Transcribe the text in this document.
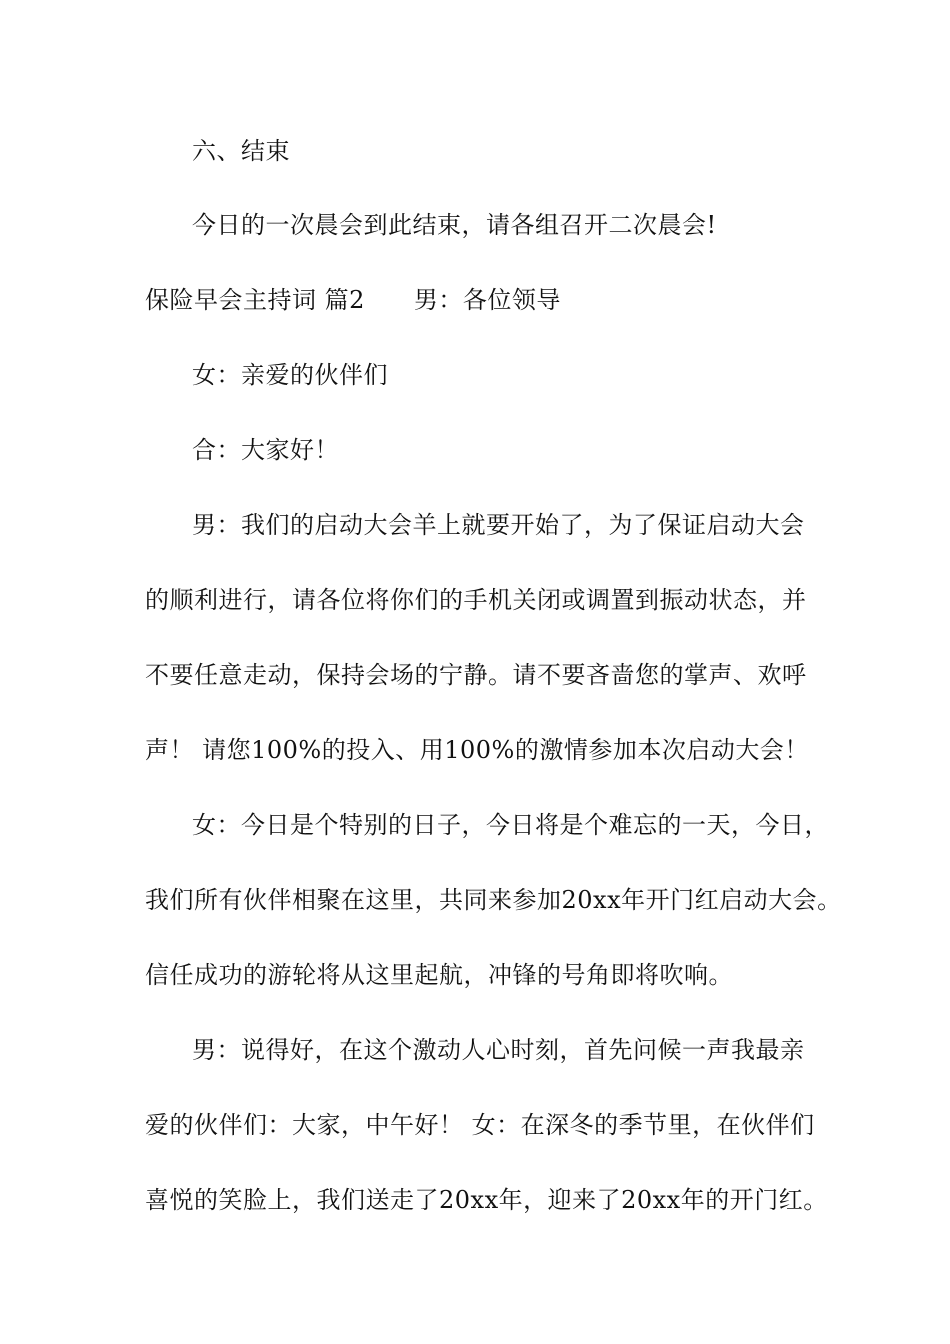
六、结束
今日的一次晨会到此结束，请各组召开二次晨会!
保险早会主持词 篇2　　男：各位领导
女：亲爱的伙伴们
合：大家好！
男：我们的启动大会羊上就要开始了，为了保证启动大会
的顺利进行，请各位将你们的手机关闭或调置到振动状态，并
不要任意走动，保持会场的宁静。请不要吝啬您的掌声、欢呼
声！ 请您100%的投入、用100%的激情参加本次启动大会！
女：今日是个特别的日子，今日将是个难忘的一天，今日，
我们所有伙伴相聚在这里，共同来参加20xx年开门红启动大会。
信任成功的游轮将从这里起航，冲锋的号角即将吹响。
男：说得好，在这个激动人心时刻，首先问候一声我最亲
爱的伙伴们：大家，中午好！ 女：在深冬的季节里，在伙伴们
喜悦的笑脸上，我们送走了20xx年，迎来了20xx年的开门红。
